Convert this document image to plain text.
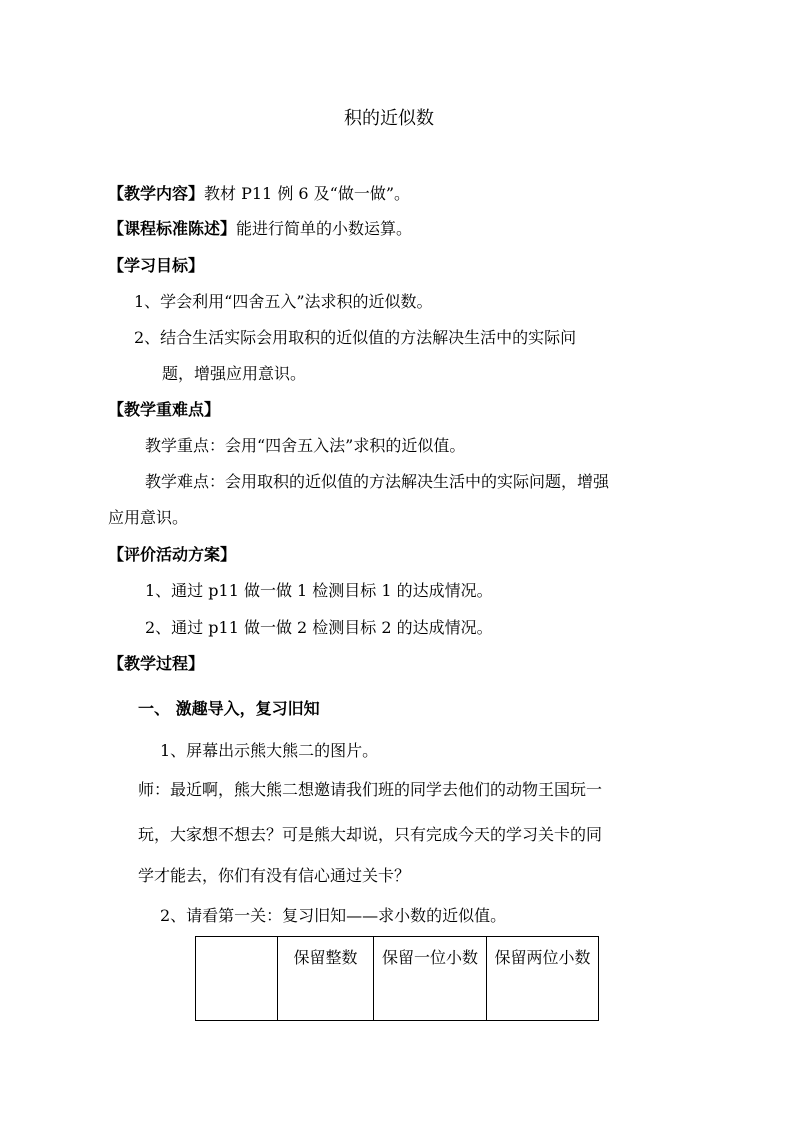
积的近似数
【教学内容】教材 P11 例 6 及“做一做”。
【课程标准陈述】能进行简单的小数运算。
【学习目标】
1、学会利用“四舍五入”法求积的近似数。
2、结合生活实际会用取积的近似值的方法解决生活中的实际问
题，增强应用意识。
【教学重难点】
教学重点：会用“四舍五入法”求积的近似值。
教学难点：会用取积的近似值的方法解决生活中的实际问题，增强
应用意识。
【评价活动方案】
1、通过 p11 做一做 1 检测目标 1 的达成情况。
2、通过 p11 做一做 2 检测目标 2 的达成情况。
【教学过程】
一、 激趣导入，复习旧知
1、屏幕出示熊大熊二的图片。
师：最近啊，熊大熊二想邀请我们班的同学去他们的动物王国玩一
玩，大家想不想去？可是熊大却说，只有完成今天的学习关卡的同
学才能去，你们有没有信心通过关卡？
2、请看第一关：复习旧知——求小数的近似值。
	保留整数	保留一位小数	保留两位小数
